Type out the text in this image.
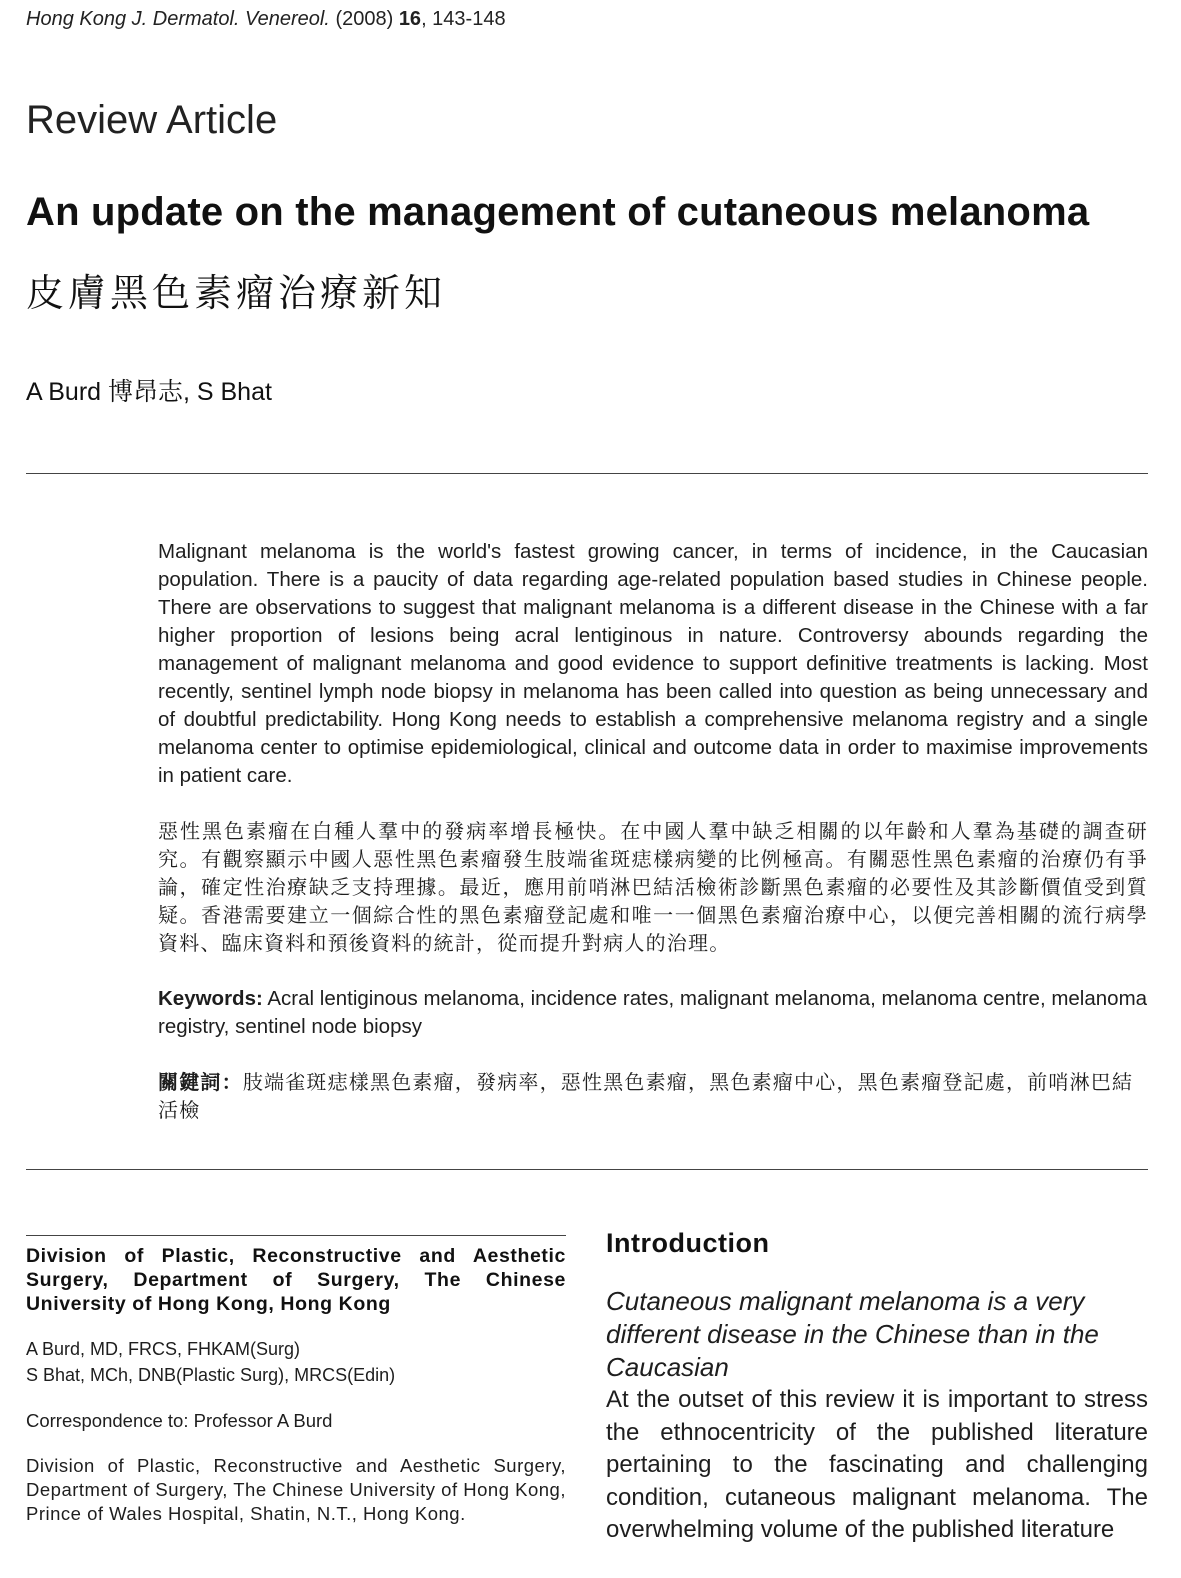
Hong Kong J. Dermatol. Venereol. (2008) 16, 143-148
Review Article
An update on the management of cutaneous melanoma
皮膚黑色素瘤治療新知
A Burd 博昂志, S Bhat
Malignant melanoma is the world's fastest growing cancer, in terms of incidence, in the Caucasian population. There is a paucity of data regarding age-related population based studies in Chinese people. There are observations to suggest that malignant melanoma is a different disease in the Chinese with a far higher proportion of lesions being acral lentiginous in nature. Controversy abounds regarding the management of malignant melanoma and good evidence to support definitive treatments is lacking. Most recently, sentinel lymph node biopsy in melanoma has been called into question as being unnecessary and of doubtful predictability. Hong Kong needs to establish a comprehensive melanoma registry and a single melanoma center to optimise epidemiological, clinical and outcome data in order to maximise improvements in patient care.
惡性黑色素瘤在白種人羣中的發病率增長極快。在中國人羣中缺乏相關的以年齡和人羣為基礎的調查研究。有觀察顯示中國人惡性黑色素瘤發生肢端雀斑痣樣病變的比例極高。有關惡性黑色素瘤的治療仍有爭論，確定性治療缺乏支持理據。最近，應用前哨淋巴結活檢術診斷黑色素瘤的必要性及其診斷價值受到質疑。香港需要建立一個綜合性的黑色素瘤登記處和唯一一個黑色素瘤治療中心，以便完善相關的流行病學資料、臨床資料和預後資料的統計，從而提升對病人的治理。
Keywords: Acral lentiginous melanoma, incidence rates, malignant melanoma, melanoma centre, melanoma registry, sentinel node biopsy
關鍵詞：肢端雀斑痣樣黑色素瘤，發病率，惡性黑色素瘤，黑色素瘤中心，黑色素瘤登記處，前哨淋巴結活檢
Division of Plastic, Reconstructive and Aesthetic Surgery, Department of Surgery, The Chinese University of Hong Kong, Hong Kong
A Burd, MD, FRCS, FHKAM(Surg)
S Bhat, MCh, DNB(Plastic Surg), MRCS(Edin)
Correspondence to: Professor A Burd
Division of Plastic, Reconstructive and Aesthetic Surgery, Department of Surgery, The Chinese University of Hong Kong, Prince of Wales Hospital, Shatin, N.T., Hong Kong.
Introduction
Cutaneous malignant melanoma is a very different disease in the Chinese than in the Caucasian
At the outset of this review it is important to stress the ethnocentricity of the published literature pertaining to the fascinating and challenging condition, cutaneous malignant melanoma. The overwhelming volume of the published literature
